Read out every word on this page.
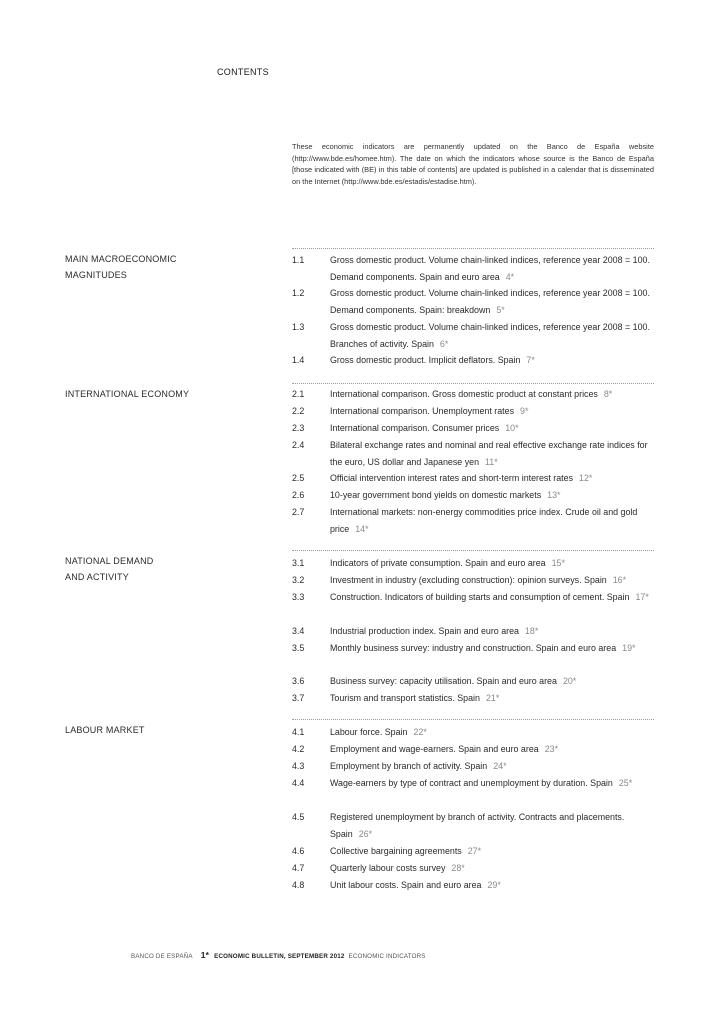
CONTENTS
These economic indicators are permanently updated on the Banco de España website (http://www.bde.es/homee.htm). The date on which the indicators whose source is the Banco de España [those indicated with (BE) in this table of contents] are updated is published in a calendar that is disseminated on the Internet (http://www.bde.es/estadis/estadise.htm).
MAIN MACROECONOMIC
MAGNITUDES
1.1	Gross domestic product. Volume chain-linked indices, reference year 2008 = 100. Demand components. Spain and euro area 4*
1.2	Gross domestic product. Volume chain-linked indices, reference year 2008 = 100. Demand components. Spain: breakdown 5*
1.3	Gross domestic product. Volume chain-linked indices, reference year 2008 = 100. Branches of activity. Spain 6*
1.4	Gross domestic product. Implicit deflators. Spain 7*
INTERNATIONAL ECONOMY	2.1	International comparison. Gross domestic product at constant prices 8*
2.2	International comparison. Unemployment rates 9*
2.3	International comparison. Consumer prices 10*
2.4	Bilateral exchange rates and nominal and real effective exchange rate indices for the euro, US dollar and Japanese yen 11*
2.5	Official intervention interest rates and short-term interest rates 12*
2.6	10-year government bond yields on domestic markets 13*
2.7	International markets: non-energy commodities price index. Crude oil and gold price 14*
NATIONAL DEMAND
AND ACTIVITY
3.1	Indicators of private consumption. Spain and euro area 15*
3.2	Investment in industry (excluding construction): opinion surveys. Spain 16*
3.3	Construction. Indicators of building starts and consumption of cement. Spain 17*
3.4	Industrial production index. Spain and euro area 18*
3.5	Monthly business survey: industry and construction. Spain and euro area 19*
3.6	Business survey: capacity utilisation. Spain and euro area 20*
3.7	Tourism and transport statistics. Spain 21*
LABOUR MARKET	4.1	Labour force. Spain 22*
4.2	Employment and wage-earners. Spain and euro area 23*
4.3	Employment by branch of activity. Spain 24*
4.4	Wage-earners by type of contract and unemployment by duration. Spain 25*
4.5	Registered unemployment by branch of activity. Contracts and placements. Spain 26*
4.6	Collective bargaining agreements 27*
4.7	Quarterly labour costs survey 28*
4.8	Unit labour costs. Spain and euro area 29*
BANCO DE ESPAÑA 1* ECONOMIC BULLETIN, SEPTEMBER 2012 ECONOMIC INDICATORS
